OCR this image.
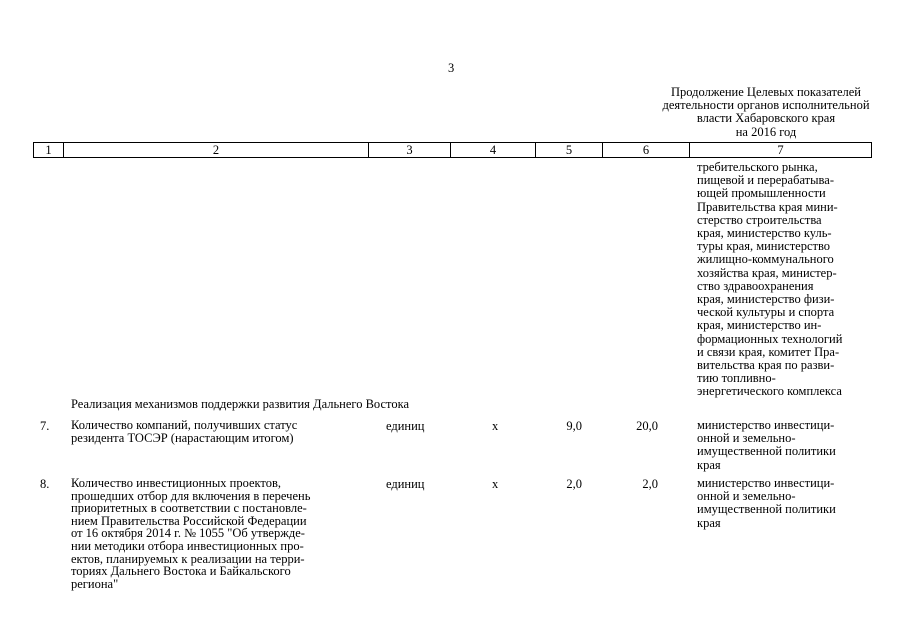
3
Продолжение Целевых показателей
деятельности органов исполнительной
власти Хабаровского края
на 2016 год
1	2	3	4	5	6	7
требительского рынка,
пищевой и перерабатыва-
ющей промышленности
Правительства края мини-
стерство строительства
края, министерство куль-
туры края, министерство
жилищно-коммунального
хозяйства края, министер-
ство здравоохранения
края, министерство физи-
ческой культуры и спорта
края, министерство ин-
формационных технологий
и связи края, комитет Пра-
вительства края по разви-
тию топливно-
энергетического комплекса
Реализация механизмов поддержки развития Дальнего Востока
7. Количество компаний, получивших статус
резидента ТОСЭР (нарастающим итогом)
единиц	x	9,0	20,0	министерство инвестици-
онной и земельно-
имущественной политики
края
8. Количество инвестиционных проектов,
прошедших отбор для включения в перечень
приоритетных в соответствии с постановле-
нием Правительства Российской Федерации
от 16 октября 2014 г. № 1055 "Об утвержде-
нии методики отбора инвестиционных про-
ектов, планируемых к реализации на терри-
ториях Дальнего Востока и Байкальского
региона"
единиц	x	2,0	2,0	министерство инвестици-
онной и земельно-
имущественной политики
края
